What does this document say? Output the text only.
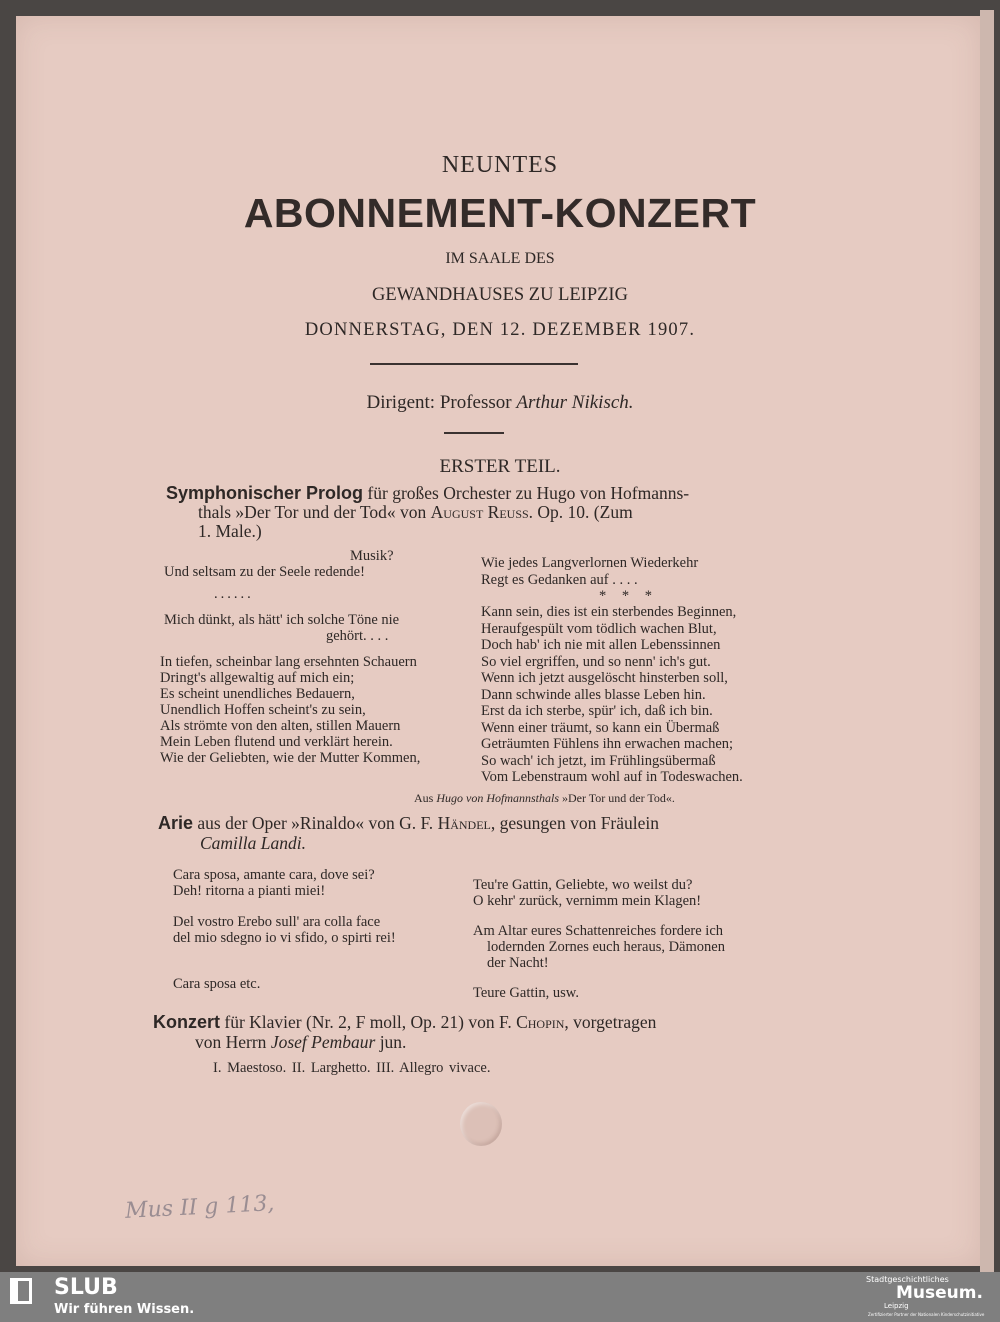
NEUNTES
ABONNEMENT-KONZERT
IM SAALE DES
GEWANDHAUSES ZU LEIPZIG
DONNERSTAG, DEN 12. DEZEMBER 1907.
Dirigent: Professor Arthur Nikisch.
ERSTER TEIL.
Symphonischer Prolog für großes Orchester zu Hugo von Hofmanns-
thals »Der Tor und der Tod« von August Reuss. Op. 10. (Zum
1. Male.)
Musik?
Und seltsam zu der Seele redende!
......
Mich dünkt, als hätt' ich solche Töne nie
gehört. . . .
In tiefen, scheinbar lang ersehnten Schauern
Dringt's allgewaltig auf mich ein;
Es scheint unendliches Bedauern,
Unendlich Hoffen scheint's zu sein,
Als strömte von den alten, stillen Mauern
Mein Leben flutend und verklärt herein.
Wie der Geliebten, wie der Mutter Kommen,
Wie jedes Langverlornen Wiederkehr
Regt es Gedanken auf . . . .
* * *
Kann sein, dies ist ein sterbendes Beginnen,
Heraufgespült vom tödlich wachen Blut,
Doch hab' ich nie mit allen Lebenssinnen
So viel ergriffen, und so nenn' ich's gut.
Wenn ich jetzt ausgelöscht hinsterben soll,
Dann schwinde alles blasse Leben hin.
Erst da ich sterbe, spür' ich, daß ich bin.
Wenn einer träumt, so kann ein Übermaß
Geträumten Fühlens ihn erwachen machen;
So wach' ich jetzt, im Frühlingsübermaß
Vom Lebenstraum wohl auf in Todeswachen.
Aus Hugo von Hofmannsthals »Der Tor und der Tod«.
Arie aus der Oper »Rinaldo« von G. F. Händel, gesungen von Fräulein
Camilla Landi.
Cara sposa, amante cara, dove sei?
Deh! ritorna a pianti miei!
Del vostro Erebo sull' ara colla face
del mio sdegno io vi sfido, o spirti rei!
Cara sposa etc.
Teu're Gattin, Geliebte, wo weilst du?
O kehr' zurück, vernimm mein Klagen!
Am Altar eures Schattenreiches fordere ich
lodernden Zornes euch heraus, Dämonen
der Nacht!
Teure Gattin, usw.
Konzert für Klavier (Nr. 2, F moll, Op. 21) von F. Chopin, vorgetragen
von Herrn Josef Pembaur jun.
I. Maestoso. II. Larghetto. III. Allegro vivace.
Mus II g 113,
SLUB
Wir führen Wissen.
Stadtgeschichtliches
Museum.
Leipzig
Zertifizierter Partner der Nationalen Kinderschutzinitiative
